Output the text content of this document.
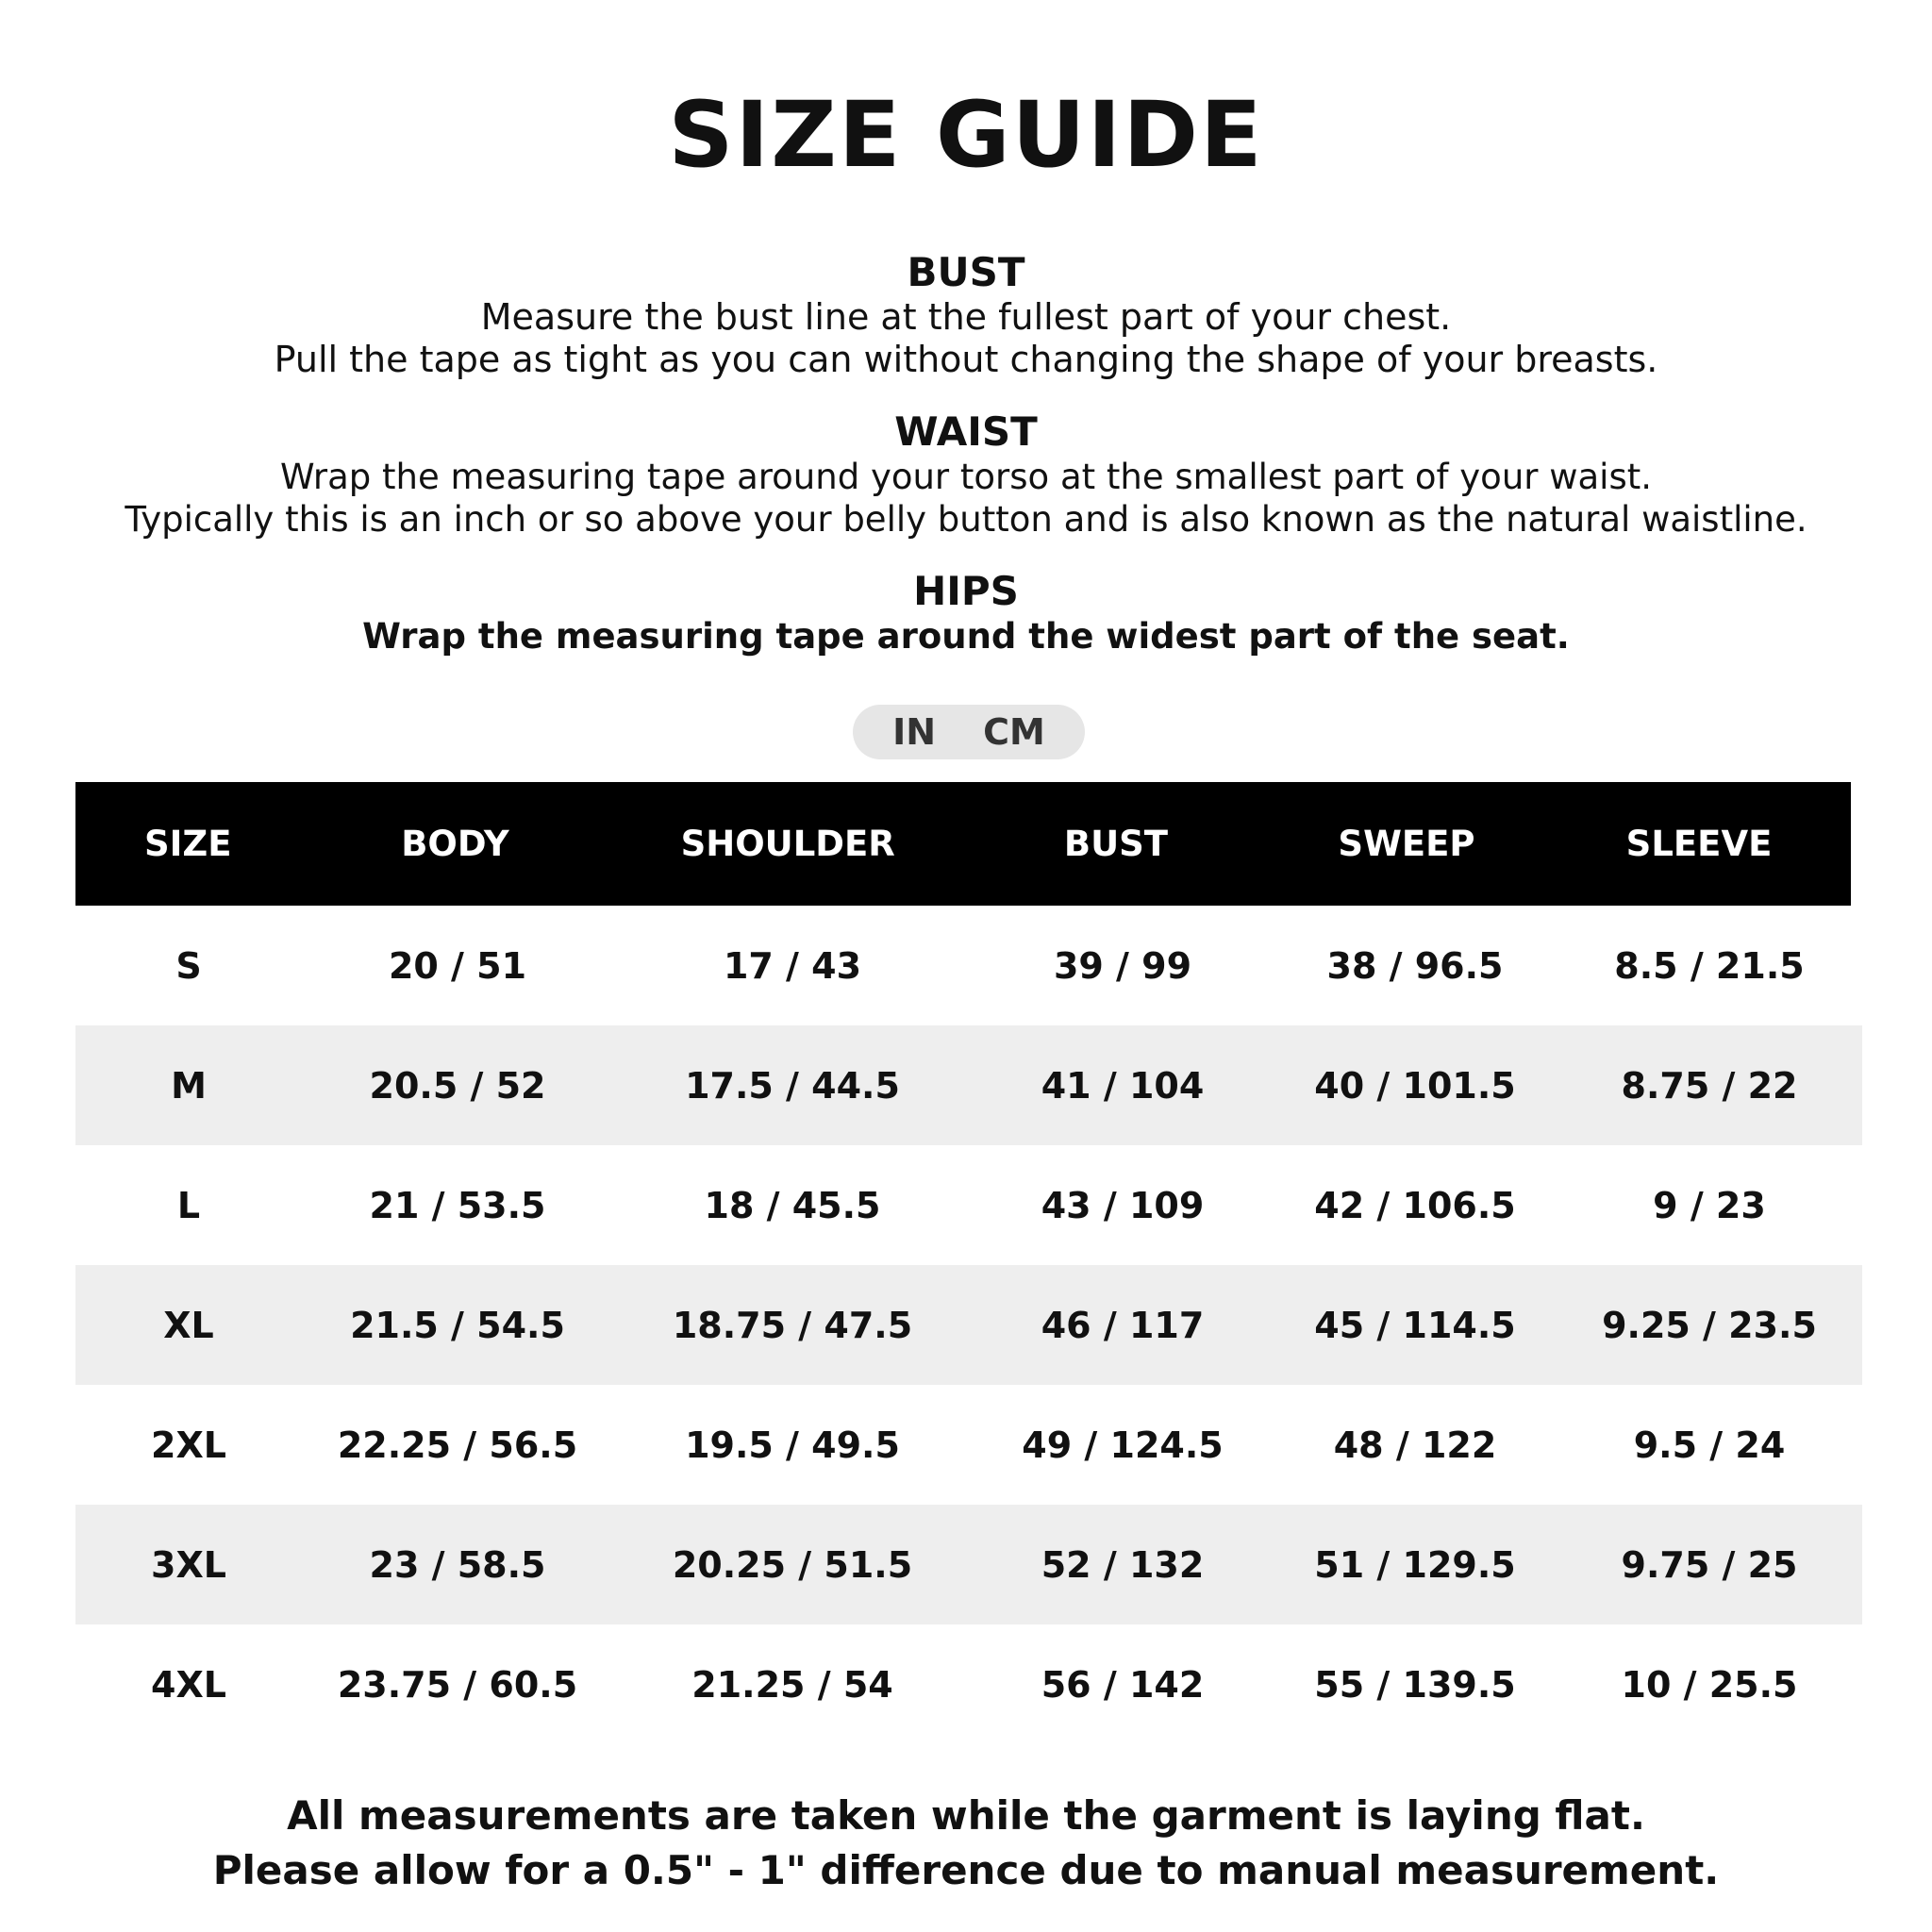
SIZE GUIDE
BUST

Measure the bust line at the fullest part of your chest.

Pull the tape as tight as you can without changing the shape of your breasts.

WAIST

Wrap the measuring tape around your torso at the smallest part of your waist.

Typically this is an inch or so above your belly button and is also known as the natural waistline.

HIPS

Wrap the measuring tape around the widest part of the seat.

IN CM
SIZE	BODY	SHOULDER	BUST	SWEEP	SLEEVE
S	20 / 51	17 / 43	39 / 99	38 / 96.5	8.5 / 21.5
M	20.5 / 52	17.5 / 44.5	41 / 104	40 / 101.5	8.75 / 22
L	21 / 53.5	18 / 45.5	43 / 109	42 / 106.5	9 / 23
XL	21.5 / 54.5	18.75 / 47.5	46 / 117	45 / 114.5	9.25 / 23.5
2XL	22.25 / 56.5	19.5 / 49.5	49 / 124.5	48 / 122	9.5 / 24
3XL	23 / 58.5	20.25 / 51.5	52 / 132	51 / 129.5	9.75 / 25
4XL	23.75 / 60.5	21.25 / 54	56 / 142	55 / 139.5	10 / 25.5

All measurements are taken while the garment is laying flat.

Please allow for a 0.5" - 1" difference due to manual measurement.
